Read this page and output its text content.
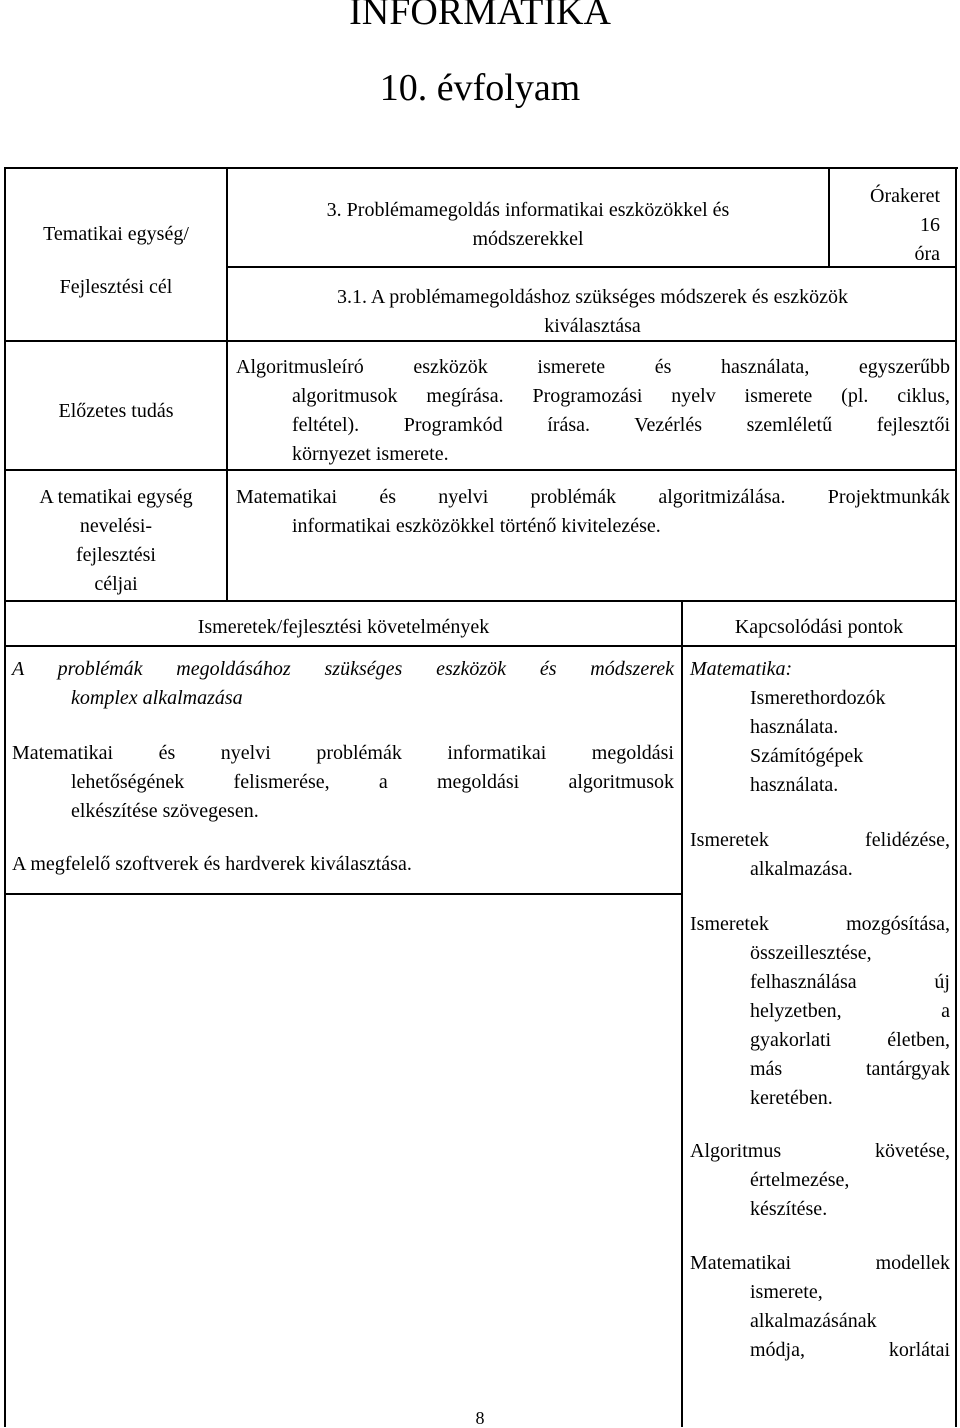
INFORMATIKA
10. évfolyam
Tematikai egység/
Fejlesztési cél
Előzetes tudás
A tematikai egység
nevelési-
fejlesztési
céljai
3. Problémamegoldás informatikai eszközökkel és
módszerekkel
Órakeret
16
óra
3.1. A problémamegoldáshoz szükséges módszerek és eszközök
kiválasztása
Algoritmusleíró eszközök ismerete és használata, egyszerűbb
algoritmusok megírása. Programozási nyelv ismerete (pl. ciklus,
feltétel). Programkód írása. Vezérlés szemléletű fejlesztői
környezet ismerete.
Matematikai és nyelvi problémák algoritmizálása. Projektmunkák
informatikai eszközökkel történő kivitelezése.
Ismeretek/fejlesztési követelmények	Kapcsolódási pontok
A problémák megoldásához szükséges eszközök és módszerek
komplex alkalmazása
Matematikai és nyelvi problémák informatikai megoldási
lehetőségének felismerése, a megoldási algoritmusok
elkészítése szövegesen.
A megfelelő szoftverek és hardverek kiválasztása.
Matematika:
Ismerethordozók
használata.
Számítógépek
használata.
Ismeretek felidézése,
alkalmazása.
Ismeretek mozgósítása,
összeillesztése,
felhasználása új
helyzetben, a
gyakorlati életben,
más tantárgyak
keretében.
Algoritmus követése,
értelmezése,
készítése.
Matematikai modellek
ismerete,
alkalmazásának
módja, korlátai
8
